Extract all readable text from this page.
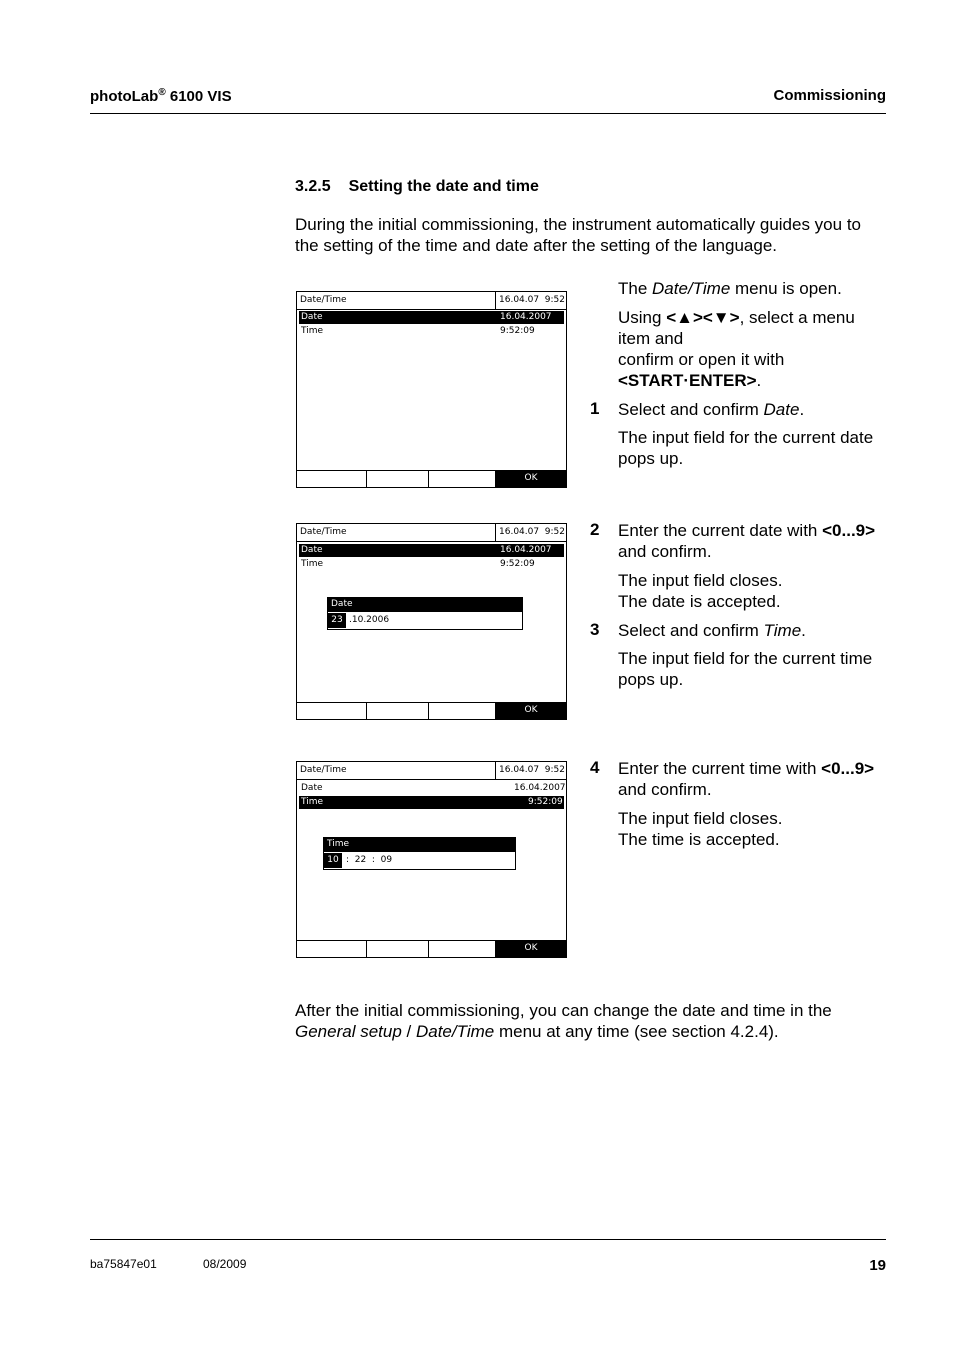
photoLab® 6100 VIS	Commissioning
3.2.5 Setting the date and time
During the initial commissioning, the instrument automatically guides you to
the setting of the time and date after the setting of the language.
Date/Time	16.04.07  9:52
Date	16.04.2007
Time	9:52:09
OK
The Date/Time menu is open.
Using <▲><▼>, select a menu
item and
confirm or open it with
<START·ENTER>.
1 Select and confirm Date.
The input field for the current date
pops up.
Date/Time	16.04.07  9:52
Date	16.04.2007
Time	9:52:09
Date
23 .10.2006
OK
2 Enter the current date with <0...9>
and confirm.
The input field closes.
The date is accepted.
3 Select and confirm Time.
The input field for the current time
pops up.
Date/Time	16.04.07  9:52
Date	16.04.2007
Time	9:52:09
Time
10 :  22  :  09
OK
4 Enter the current time with <0...9>
and confirm.
The input field closes.
The time is accepted.
After the initial commissioning, you can change the date and time in the
General setup / Date/Time menu at any time (see section 4.2.4).
ba75847e01	08/2009	19
